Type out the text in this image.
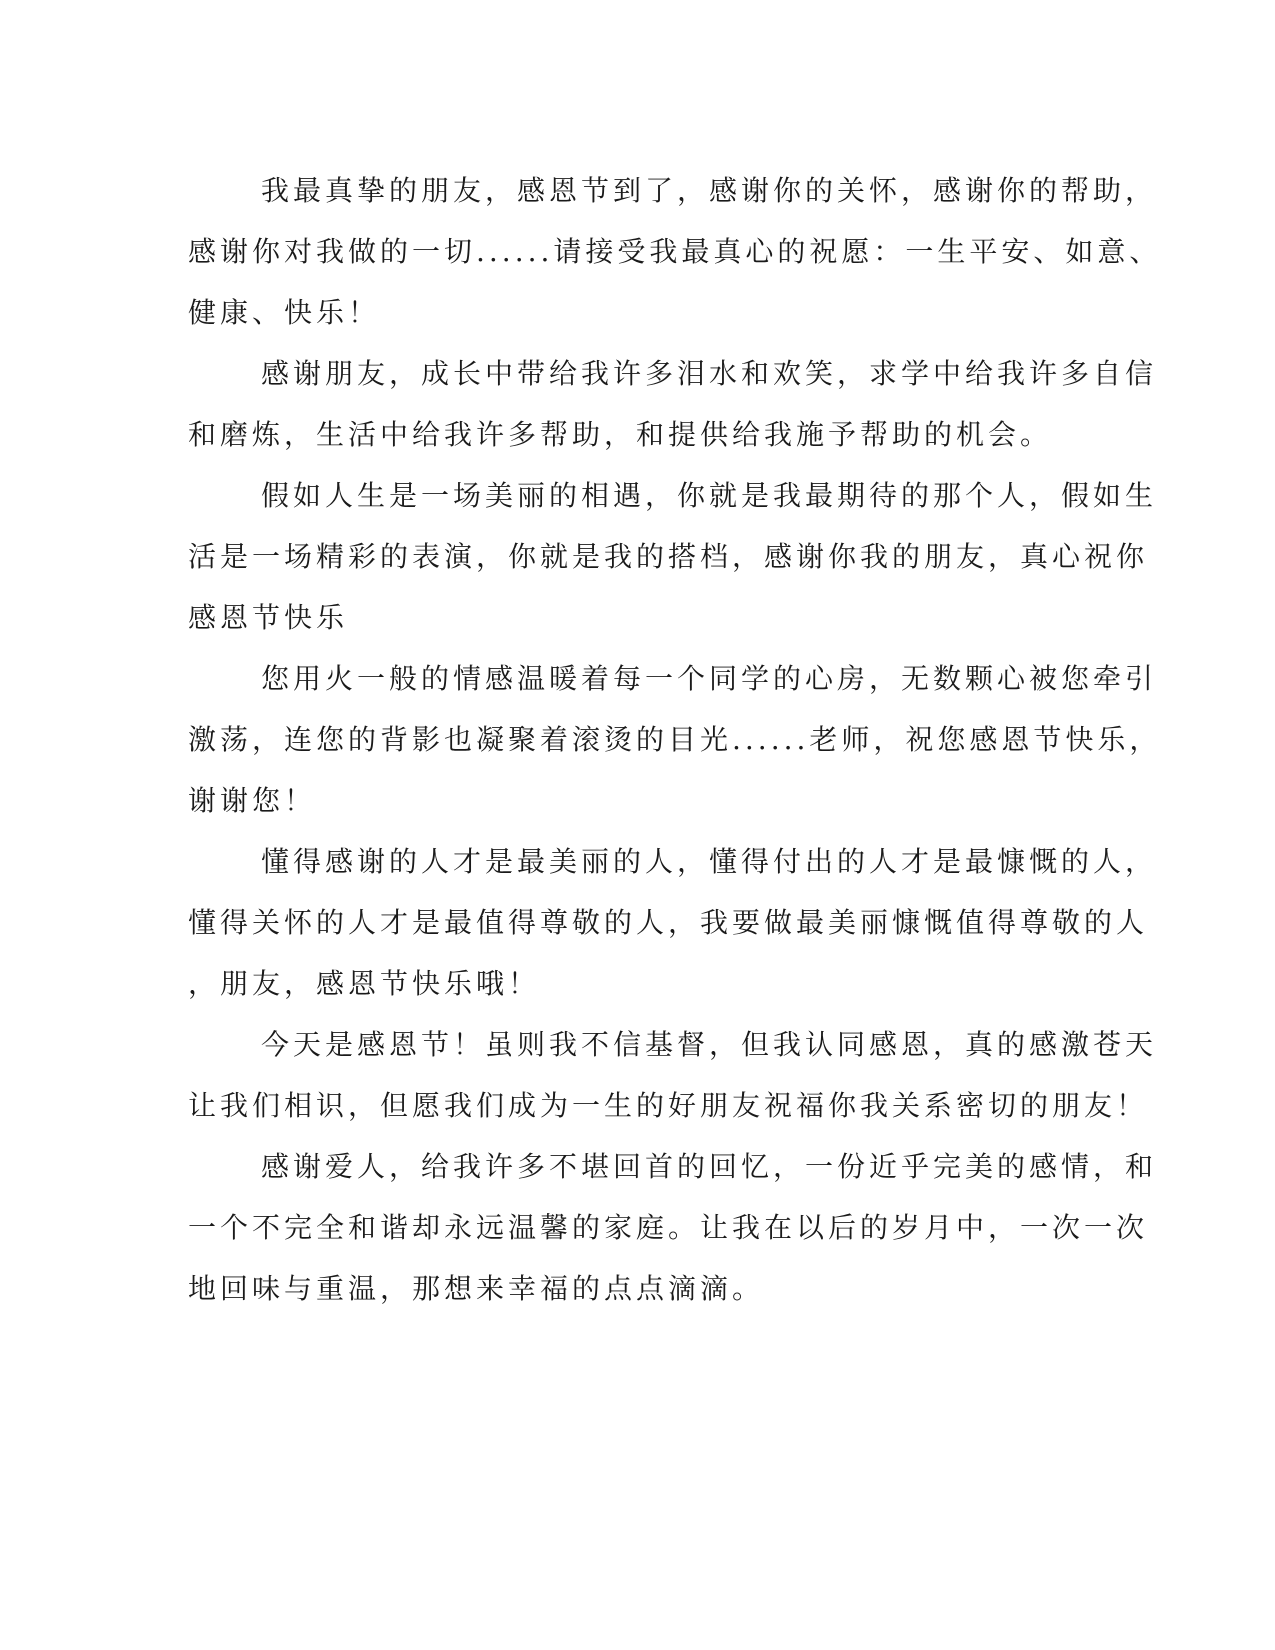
我最真挚的朋友，感恩节到了，感谢你的关怀，感谢你的帮助，
感谢你对我做的一切......请接受我最真心的祝愿：一生平安、如意、
健康、快乐！
感谢朋友，成长中带给我许多泪水和欢笑，求学中给我许多自信
和磨炼，生活中给我许多帮助，和提供给我施予帮助的机会。
假如人生是一场美丽的相遇，你就是我最期待的那个人，假如生
活是一场精彩的表演，你就是我的搭档，感谢你我的朋友，真心祝你
感恩节快乐
您用火一般的情感温暖着每一个同学的心房，无数颗心被您牵引
激荡，连您的背影也凝聚着滚烫的目光......老师，祝您感恩节快乐，
谢谢您！
懂得感谢的人才是最美丽的人，懂得付出的人才是最慷慨的人，
懂得关怀的人才是最值得尊敬的人，我要做最美丽慷慨值得尊敬的人
，朋友，感恩节快乐哦！
今天是感恩节！虽则我不信基督，但我认同感恩，真的感激苍天
让我们相识，但愿我们成为一生的好朋友祝福你我关系密切的朋友！
感谢爱人，给我许多不堪回首的回忆，一份近乎完美的感情，和
一个不完全和谐却永远温馨的家庭。让我在以后的岁月中，一次一次
地回味与重温，那想来幸福的点点滴滴。
